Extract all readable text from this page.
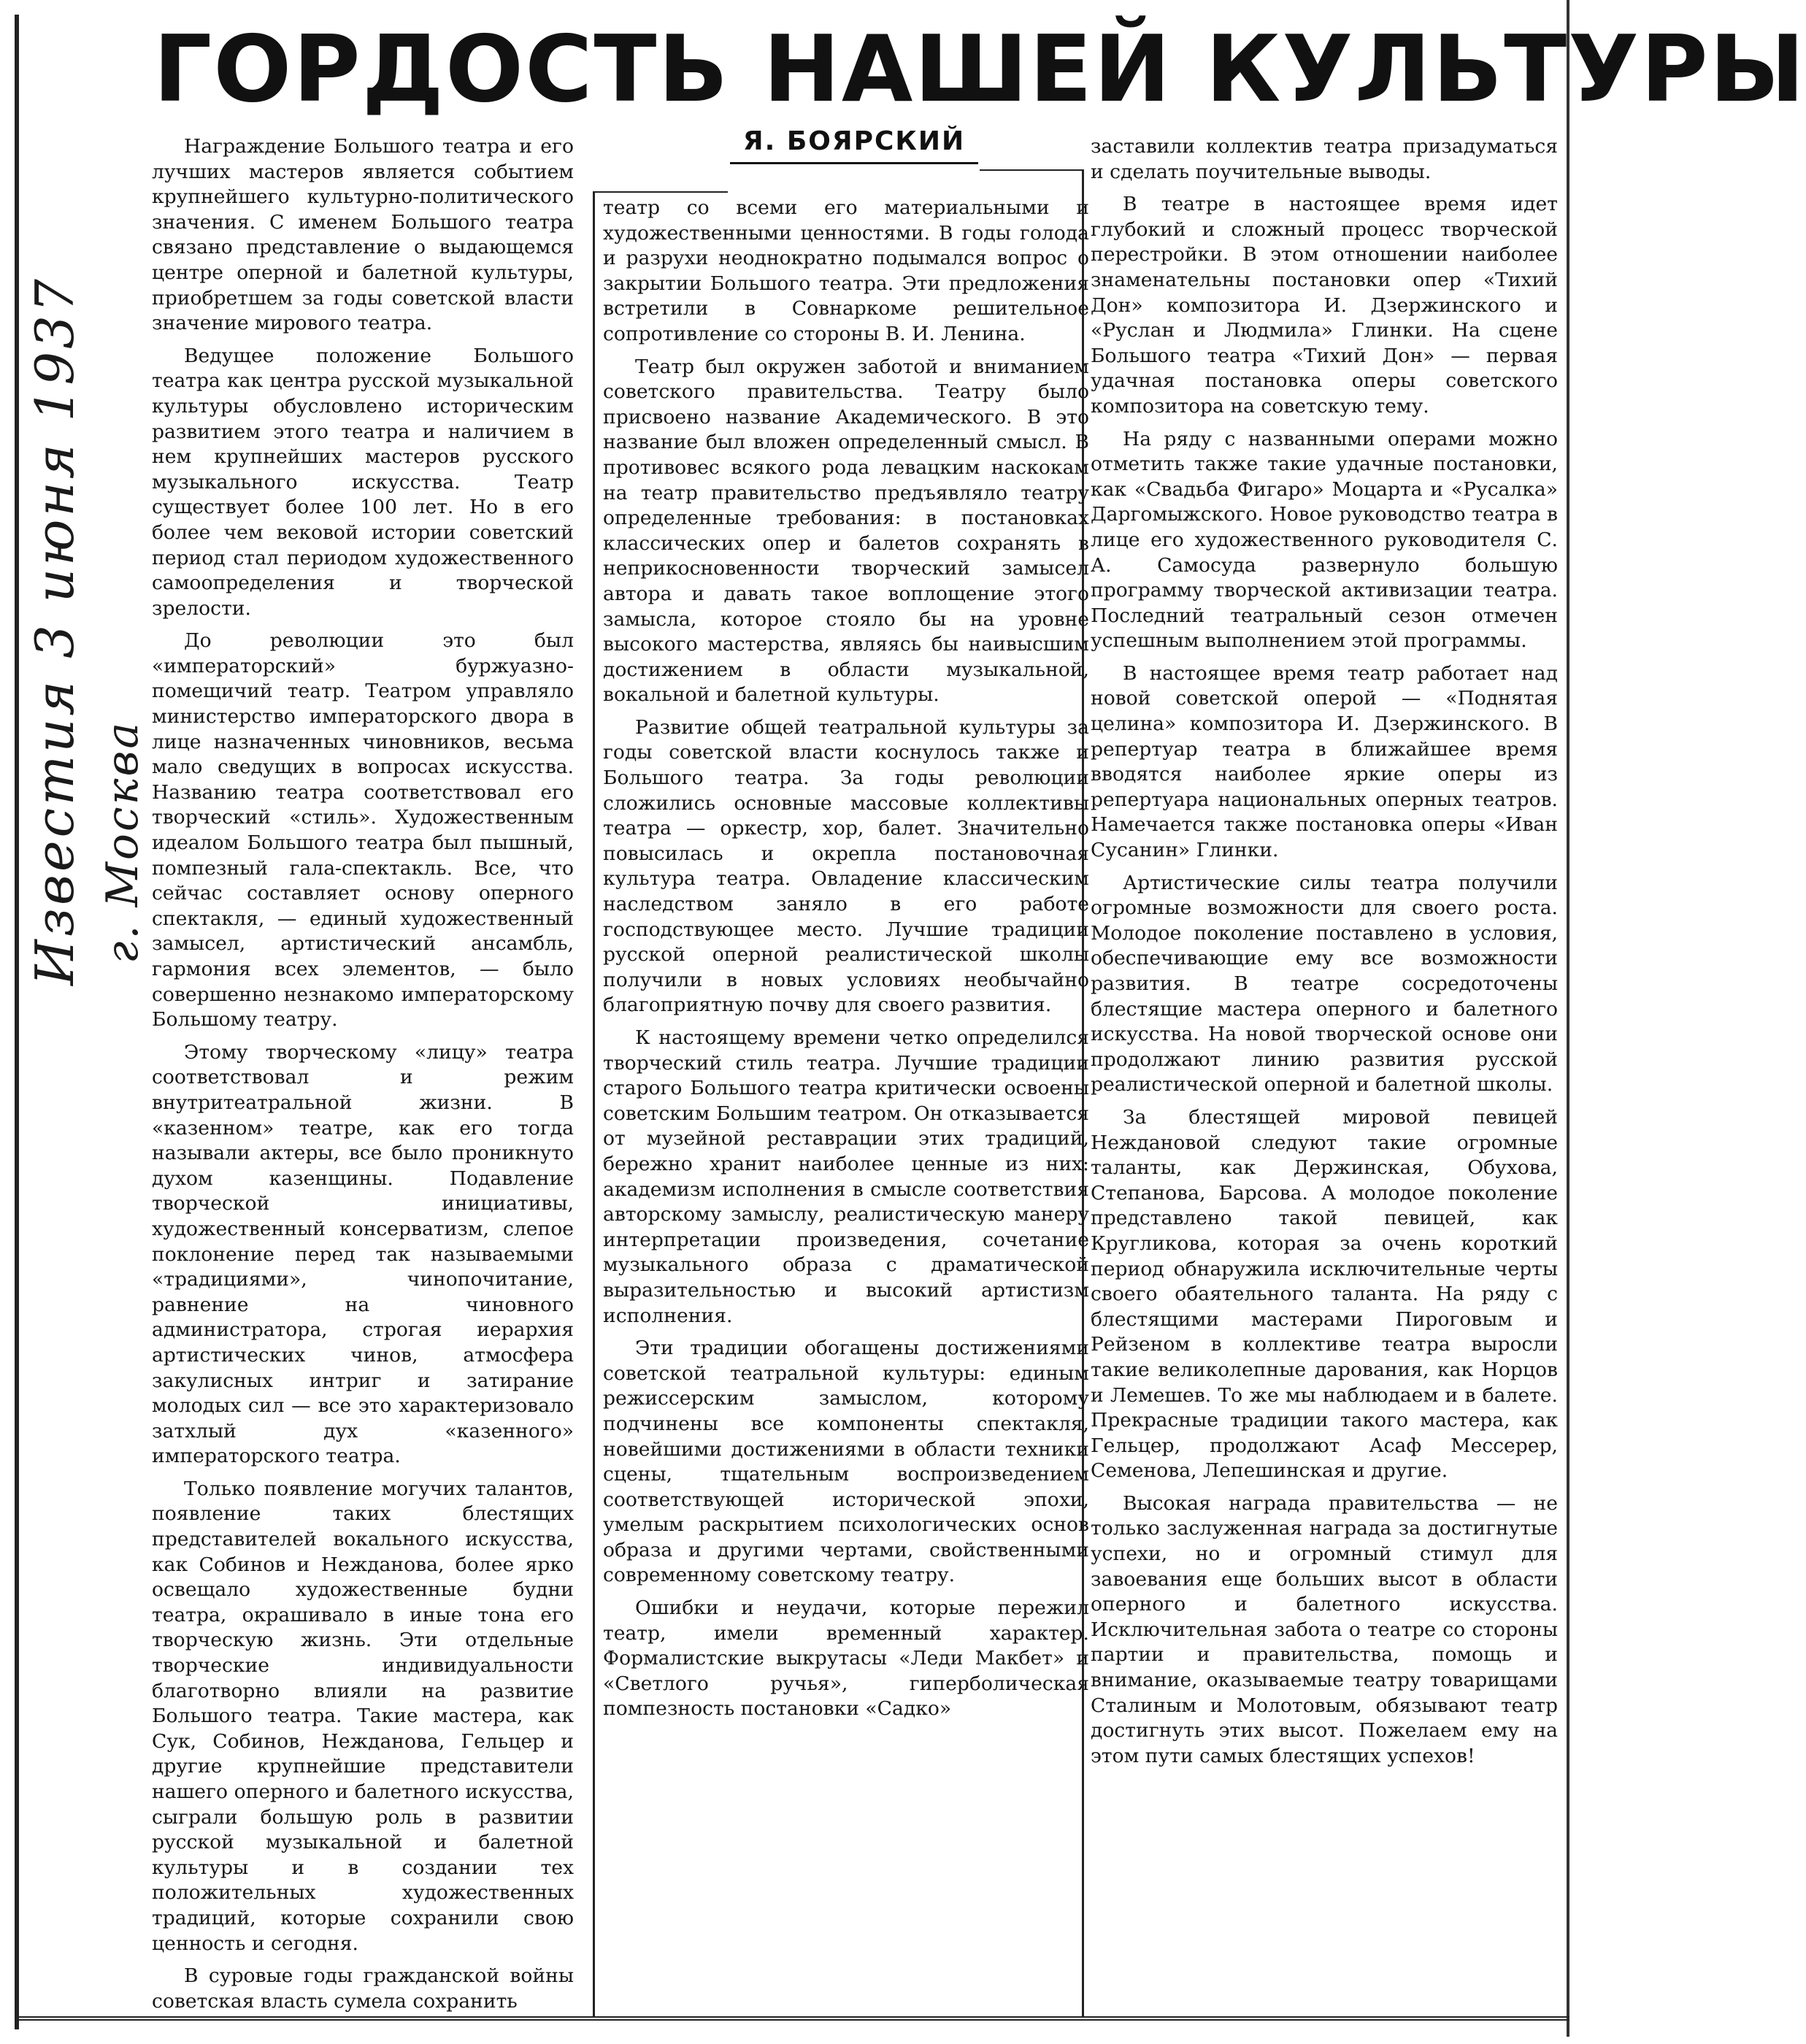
Известия 3 июня 1937 г. Москва
ГОРДОСТЬ НАШЕЙ КУЛЬТУРЫ
Я. БОЯРСКИЙ

Награждение Большого театра и его лучших мастеров является событием крупнейшего культурно-политического значения. С именем Большого театра связано представление о выдающемся центре оперной и балетной культуры, приобретшем за годы советской власти значение мирового театра.

Ведущее положение Большого театра как центра русской музыкальной культуры обусловлено историческим развитием этого театра и наличием в нем крупнейших мастеров русского музыкального искусства. Театр существует более 100 лет. Но в его более чем вековой истории советский период стал периодом художественного самоопределения и творческой зрелости.

До революции это был «императорский» буржуазно-помещичий театр. Театром управляло министерство императорского двора в лице назначенных чиновников, весьма мало сведущих в вопросах искусства. Названию театра соответствовал его творческий «стиль». Художественным идеалом Большого театра был пышный, помпезный гала-спектакль. Все, что сейчас составляет основу оперного спектакля, — единый художественный замысел, артистический ансамбль, гармония всех элементов, — было совершенно незнакомо императорскому Большому театру.

Этому творческому «лицу» театра соответствовал и режим внутритеатральной жизни. В «казенном» театре, как его тогда называли актеры, все было проникнуто духом казенщины. Подавление творческой инициативы, художественный консерватизм, слепое поклонение перед так называемыми «традициями», чинопочитание, равнение на чиновного администратора, строгая иерархия артистических чинов, атмосфера закулисных интриг и затирание молодых сил — все это характеризовало затхлый дух «казенного» императорского театра.

Только появление могучих талантов, появление таких блестящих представителей вокального искусства, как Собинов и Нежданова, более ярко освещало художественные будни театра, окрашивало в иные тона его творческую жизнь. Эти отдельные творческие индивидуальности благотворно влияли на развитие Большого театра. Такие мастера, как Сук, Собинов, Нежданова, Гельцер и другие крупнейшие представители нашего оперного и балетного искусства, сыграли большую роль в развитии русской музыкальной и балетной культуры и в создании тех положительных художественных традиций, которые сохранили свою ценность и сегодня.

В суровые годы гражданской войны советская власть сумела сохранить

театр со всеми его материальными и художественными ценностями. В годы голода и разрухи неоднократно подымался вопрос о закрытии Большого театра. Эти предложения встретили в Совнаркоме решительное сопротивление со стороны В. И. Ленина.

Театр был окружен заботой и вниманием советского правительства. Театру было присвоено название Академического. В это название был вложен определенный смысл. В противовес всякого рода левацким наскокам на театр правительство предъявляло театру определенные требования: в постановках классических опер и балетов сохранять в неприкосновенности творческий замысел автора и давать такое воплощение этого замысла, которое стояло бы на уровне высокого мастерства, являясь бы наивысшим достижением в области музыкальной, вокальной и балетной культуры.

Развитие общей театральной культуры за годы советской власти коснулось также и Большого театра. За годы революции сложились основные массовые коллективы театра — оркестр, хор, балет. Значительно повысилась и окрепла постановочная культура театра. Овладение классическим наследством заняло в его работе господствующее место. Лучшие традиции русской оперной реалистической школы получили в новых условиях необычайно благоприятную почву для своего развития.

К настоящему времени четко определился творческий стиль театра. Лучшие традиции старого Большого театра критически освоены советским Большим театром. Он отказывается от музейной реставрации этих традиций, бережно хранит наиболее ценные из них: академизм исполнения в смысле соответствия авторскому замыслу, реалистическую манеру интерпретации произведения, сочетание музыкального образа с драматической выразительностью и высокий артистизм исполнения.

Эти традиции обогащены достижениями советской театральной культуры: единым режиссерским замыслом, которому подчинены все компоненты спектакля, новейшими достижениями в области техники сцены, тщательным воспроизведением соответствующей исторической эпохи, умелым раскрытием психологических основ образа и другими чертами, свойственными современному советскому театру.

Ошибки и неудачи, которые пережил театр, имели временный характер. Формалистские выкрутасы «Леди Макбет» и «Светлого ручья», гиперболическая помпезность постановки «Садко»

заставили коллектив театра призадуматься и сделать поучительные выводы.

В театре в настоящее время идет глубокий и сложный процесс творческой перестройки. В этом отношении наиболее знаменательны постановки опер «Тихий Дон» композитора И. Дзержинского и «Руслан и Людмила» Глинки. На сцене Большого театра «Тихий Дон» — первая удачная постановка оперы советского композитора на советскую тему.

На ряду с названными операми можно отметить также такие удачные постановки, как «Свадьба Фигаро» Моцарта и «Русалка» Даргомыжского. Новое руководство театра в лице его художественного руководителя С. А. Самосуда развернуло большую программу творческой активизации театра. Последний театральный сезон отмечен успешным выполнением этой программы.

В настоящее время театр работает над новой советской оперой — «Поднятая целина» композитора И. Дзержинского. В репертуар театра в ближайшее время вводятся наиболее яркие оперы из репертуара национальных оперных театров. Намечается также постановка оперы «Иван Сусанин» Глинки.

Артистические силы театра получили огромные возможности для своего роста. Молодое поколение поставлено в условия, обеспечивающие ему все возможности развития. В театре сосредоточены блестящие мастера оперного и балетного искусства. На новой творческой основе они продолжают линию развития русской реалистической оперной и балетной школы.

За блестящей мировой певицей Неждановой следуют такие огромные таланты, как Держинская, Обухова, Степанова, Барсова. А молодое поколение представлено такой певицей, как Кругликова, которая за очень короткий период обнаружила исключительные черты своего обаятельного таланта. На ряду с блестящими мастерами Пироговым и Рейзеном в коллективе театра выросли такие великолепные дарования, как Норцов и Лемешев. То же мы наблюдаем и в балете. Прекрасные традиции такого мастера, как Гельцер, продолжают Асаф Мессерер, Семенова, Лепешинская и другие.

Высокая награда правительства — не только заслуженная награда за достигнутые успехи, но и огромный стимул для завоевания еще больших высот в области оперного и балетного искусства. Исключительная забота о театре со стороны партии и правительства, помощь и внимание, оказываемые театру товарищами Сталиным и Молотовым, обязывают театр достигнуть этих высот. Пожелаем ему на этом пути самых блестящих успехов!
